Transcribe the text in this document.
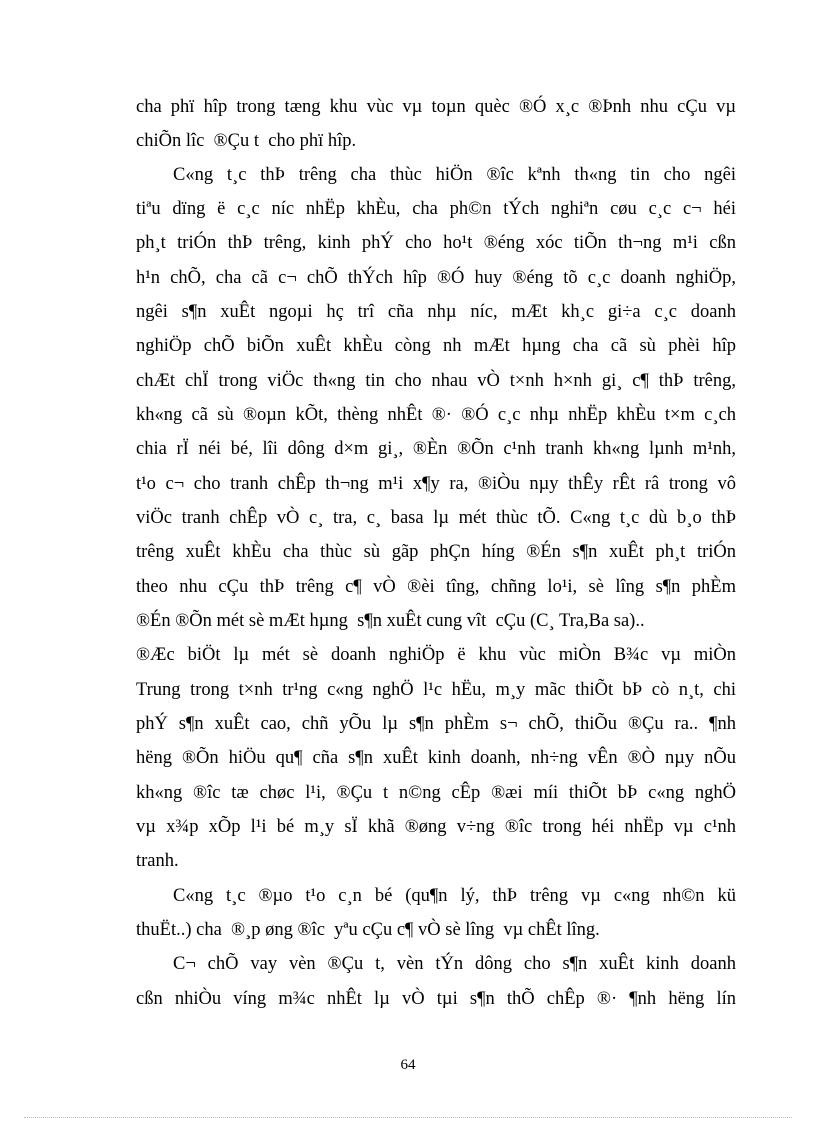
cha phï hîp trong tæng khu vùc vµ toµn quèc ®Ó x¸c ®Þnh nhu cÇu vµ
chiÕn lîc  ®Çu t  cho phï hîp.
C«ng t¸c thÞ trêng cha thùc hiÖn ®îc kªnh th«ng tin cho ngêi
tiªu dïng ë c¸c níc nhËp khÈu, cha ph©n tÝch nghiªn cøu c¸c c¬ héi
ph¸t triÓn thÞ trêng, kinh phÝ cho ho¹t ®éng xóc tiÕn th¬ng m¹i cßn
h¹n chÕ, cha cã c¬ chÕ thÝch hîp ®Ó huy ®éng tõ c¸c doanh nghiÖp,
ngêi s¶n xuÊt ngoµi hç trî cña nhµ níc, mÆt kh¸c gi÷a c¸c doanh
nghiÖp chÕ biÕn xuÊt khÈu còng nh mÆt hµng cha cã sù phèi hîp
chÆt chÏ trong viÖc th«ng tin cho nhau vÒ t×nh h×nh gi¸ c¶ thÞ trêng,
kh«ng cã sù ®oµn kÕt, thèng nhÊt ®· ®Ó c¸c nhµ nhËp khÈu t×m c¸ch
chia rÏ néi bé, lîi dông d×m gi¸, ®Èn ®Õn c¹nh tranh kh«ng lµnh m¹nh,
t¹o c¬ cho tranh chÊp th¬ng m¹i x¶y ra, ®iÒu nµy thÊy rÊt râ trong vô
viÖc tranh chÊp vÒ c¸ tra, c¸ basa lµ mét thùc tÕ. C«ng t¸c dù b¸o thÞ
trêng xuÊt khÈu cha thùc sù gãp phÇn híng ®Én s¶n xuÊt ph¸t triÓn
theo nhu cÇu thÞ trêng c¶ vÒ ®èi tîng, chñng lo¹i, sè lîng s¶n phÈm
®Én ®Õn mét sè mÆt hµng  s¶n xuÊt cung vît  cÇu (C¸ Tra,Ba sa)..
®Æc biÖt lµ mét sè doanh nghiÖp ë khu vùc miÒn B¾c vµ miÒn
Trung trong t×nh tr¹ng c«ng nghÖ l¹c hËu, m¸y mãc thiÕt bÞ cò n¸t, chi
phÝ s¶n xuÊt cao, chñ yÕu lµ s¶n phÈm s¬ chÕ, thiÕu ®Çu ra.. ¶nh
hëng ®Õn hiÖu qu¶ cña s¶n xuÊt kinh doanh, nh÷ng vÊn ®Ò nµy nÕu
kh«ng ®îc tæ chøc l¹i, ®Çu t n©ng cÊp ®æi míi thiÕt bÞ c«ng nghÖ
vµ x¾p xÕp l¹i bé m¸y sÏ khã ®øng v÷ng ®îc trong héi nhËp vµ c¹nh
tranh.
C«ng t¸c ®µo t¹o c¸n bé (qu¶n lý, thÞ trêng vµ c«ng nh©n kü
thuËt..) cha  ®¸p øng ®îc  yªu cÇu c¶ vÒ sè lîng  vµ chÊt lîng.
C¬ chÕ vay vèn ®Çu t, vèn tÝn dông cho s¶n xuÊt kinh doanh
cßn nhiÒu víng m¾c nhÊt lµ vÒ tµi s¶n thÕ chÊp ®· ¶nh hëng lín
64
